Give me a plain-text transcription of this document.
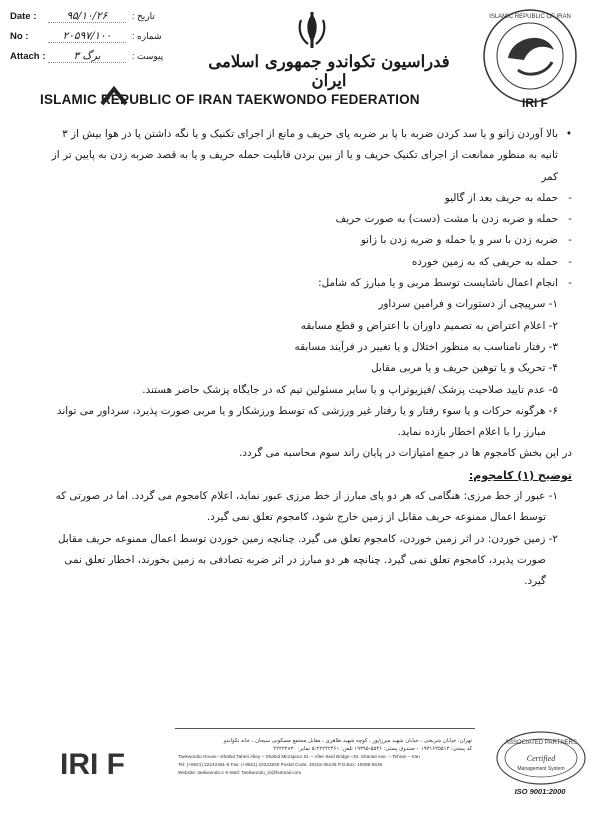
Date :	۹۵/۱۰/۲۶	تاریخ :
No :	۲۰۵۹۷/۱۰۰	شماره :
Attach :	۳ برگ	پیوست :	فدراسیون تکواندو جمهوری اسلامی ایران
ISLAMIC REPUBLIC OF IRAN TAEKWONDO FEDERATION
ISLAMIC REPUBLIC OF IRAN
IRI F
• بالا آوردن زانو و یا سد کردن ضربه با پا بر ضربه پای حریف و مانع از اجرای تکنیک و یا نگه داشتن پا در هوا بیش از ۳ ثانیه به منظور ممانعت از اجرای تکنیک حریف و یا از بین بردن قابلیت حمله حریف و یا به قصد ضربه زدن به پایین تر از کمر
- حمله به حریف بعد از گالیو
- حمله و ضربه زدن با مشت (دست) به صورت حریف
- ضربه زدن با سر و یا حمله و ضربه زدن با زانو
- حمله به حریفی که به زمین خورده
- انجام اعمال ناشایست توسط مربی و یا مبارز که شامل:
۱- سرپیچی از دستورات و فرامین سرداور
۲- اعلام اعتراض به تصمیم داوران با اعتراض و قطع مسابقه
۳- رفتار نامناسب به منظور اختلال و یا تغییر در فرآیند مسابقه
۴- تحریک و یا توهین حریف و یا مربی مقابل
۵- عدم تایید صلاحیت پزشک /فیزیوتراپ و یا سایر مسئولین تیم که در جایگاه پزشک حاضر هستند.
۶- هرگونه حرکات و یا سوء رفتار و یا رفتار غیر ورزشی که توسط ورزشکار و یا مربی صورت پذیرد، سرداور می تواند مبارز را با اعلام اخطار بازده نماید.
در این بخش کامجوم ها در جمع امتیازات در پایان راند سوم محاسبه می گردد.
توضیح (۱) کامجوم:
۱- عبور از خط مرزی: هنگامی که هر دو پای مبارز از خط مرزی عبور نماید، اعلام کامجوم می گردد. اما در صورتی که توسط اعمال ممنوعه حریف مقابل از زمین خارج شود، کامجوم تعلق نمی گیرد.
۲- زمین خوردن: در اثر زمین خوردن، کامجوم تعلق می گیرد. چنانچه زمین خوردن توسط اعمال ممنوعه حریف مقابل صورت پذیرد، کامجوم تعلق نمی گیرد. چنانچه هر دو مبارز در اثر ضربه تصادفی به زمین بخورند، اخطار تعلق نمی گیرد.
IRI F
تهران: خیابان شریعتی ، خیابان شهید میرزاپور ، کوچه شهید طاهری ، مقابل مجتمع مسکونی سیحان ، خانه تکواندو
کد پستی: ۱۹۳۱۶۳۵۵۱۳ – صندوق پستی: ۵۵۳۶-۱۹۳۹۵ تلفن: ۲۲۲۴۲۴۶۱-۵ نمابر: ۲۲۲۲۲۸۳۰
Taekwondo House –Shahid Taheri Alley – Shahid Mirzapour St. – After Seid Bridge –Dr. Shariati Ave. – Tehran – Iran
Tel: (+9821) 22242461-5 Fax: (+9821) 22222830 Postal Code: 19315-35136 P.O.Box: 19395-5536
Website: taekwondo.ir E-Mail: Taekwondo_iri@hotmail.com
ASSOCIATED PARTNERS
Certified
Management System
ISO 9001:2000
